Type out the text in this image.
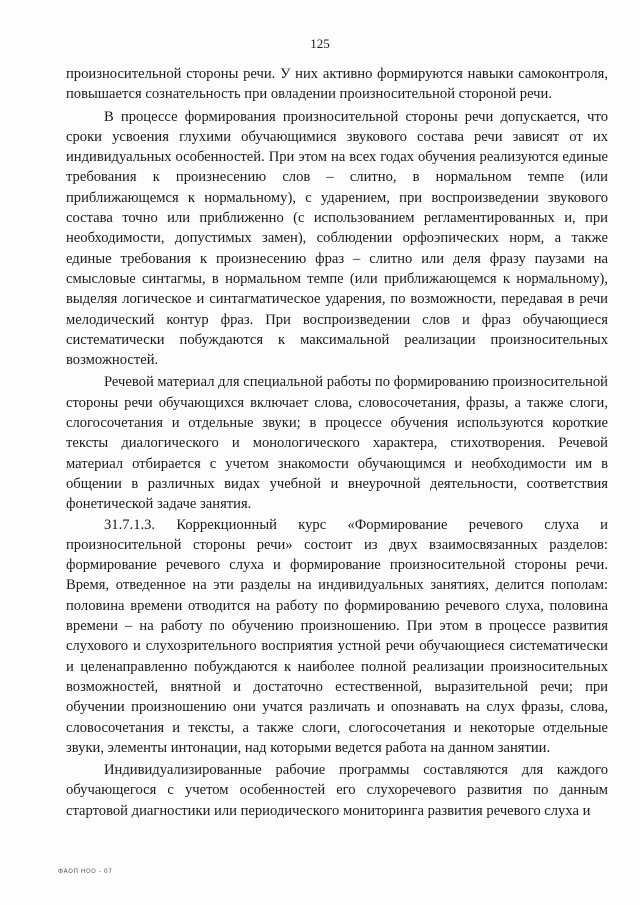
125

произносительной стороны речи. У них активно формируются навыки самоконтроля, повышается сознательность при овладении произносительной стороной речи.

В процессе формирования произносительной стороны речи допускается, что сроки усвоения глухими обучающимися звукового состава речи зависят от их индивидуальных особенностей. При этом на всех годах обучения реализуются единые требования к произнесению слов – слитно, в нормальном темпе (или приближающемся к нормальному), с ударением, при воспроизведении звукового состава точно или приближенно (с использованием регламентированных и, при необходимости, допустимых замен), соблюдении орфоэпических норм, а также единые требования к произнесению фраз – слитно или деля фразу паузами на смысловые синтагмы, в нормальном темпе (или приближающемся к нормальному), выделяя логическое и синтагматическое ударения, по возможности, передавая в речи мелодический контур фраз. При воспроизведении слов и фраз обучающиеся систематически побуждаются к максимальной реализации произносительных возможностей.

Речевой материал для специальной работы по формированию произносительной стороны речи обучающихся включает слова, словосочетания, фразы, а также слоги, слогосочетания и отдельные звуки; в процессе обучения используются короткие тексты диалогического и монологического характера, стихотворения. Речевой материал отбирается с учетом знакомости обучающимся и необходимости им в общении в различных видах учебной и внеурочной деятельности, соответствия фонетической задаче занятия.

31.7.1.3. Коррекционный курс «Формирование речевого слуха и произносительной стороны речи» состоит из двух взаимосвязанных разделов: формирование речевого слуха и формирование произносительной стороны речи. Время, отведенное на эти разделы на индивидуальных занятиях, делится пополам: половина времени отводится на работу по формированию речевого слуха, половина времени – на работу по обучению произношению. При этом в процессе развития слухового и слухозрительного восприятия устной речи обучающиеся систематически и целенаправленно побуждаются к наиболее полной реализации произносительных возможностей, внятной и достаточно естественной, выразительной речи; при обучении произношению они учатся различать и опознавать на слух фразы, слова, словосочетания и тексты, а также слоги, слогосочетания и некоторые отдельные звуки, элементы интонации, над которыми ведется работа на данном занятии.

Индивидуализированные рабочие программы составляются для каждого обучающегося с учетом особенностей его слухоречевого развития по данным стартовой диагностики или периодического мониторинга развития речевого слуха и

ФАОП НОО - 07
